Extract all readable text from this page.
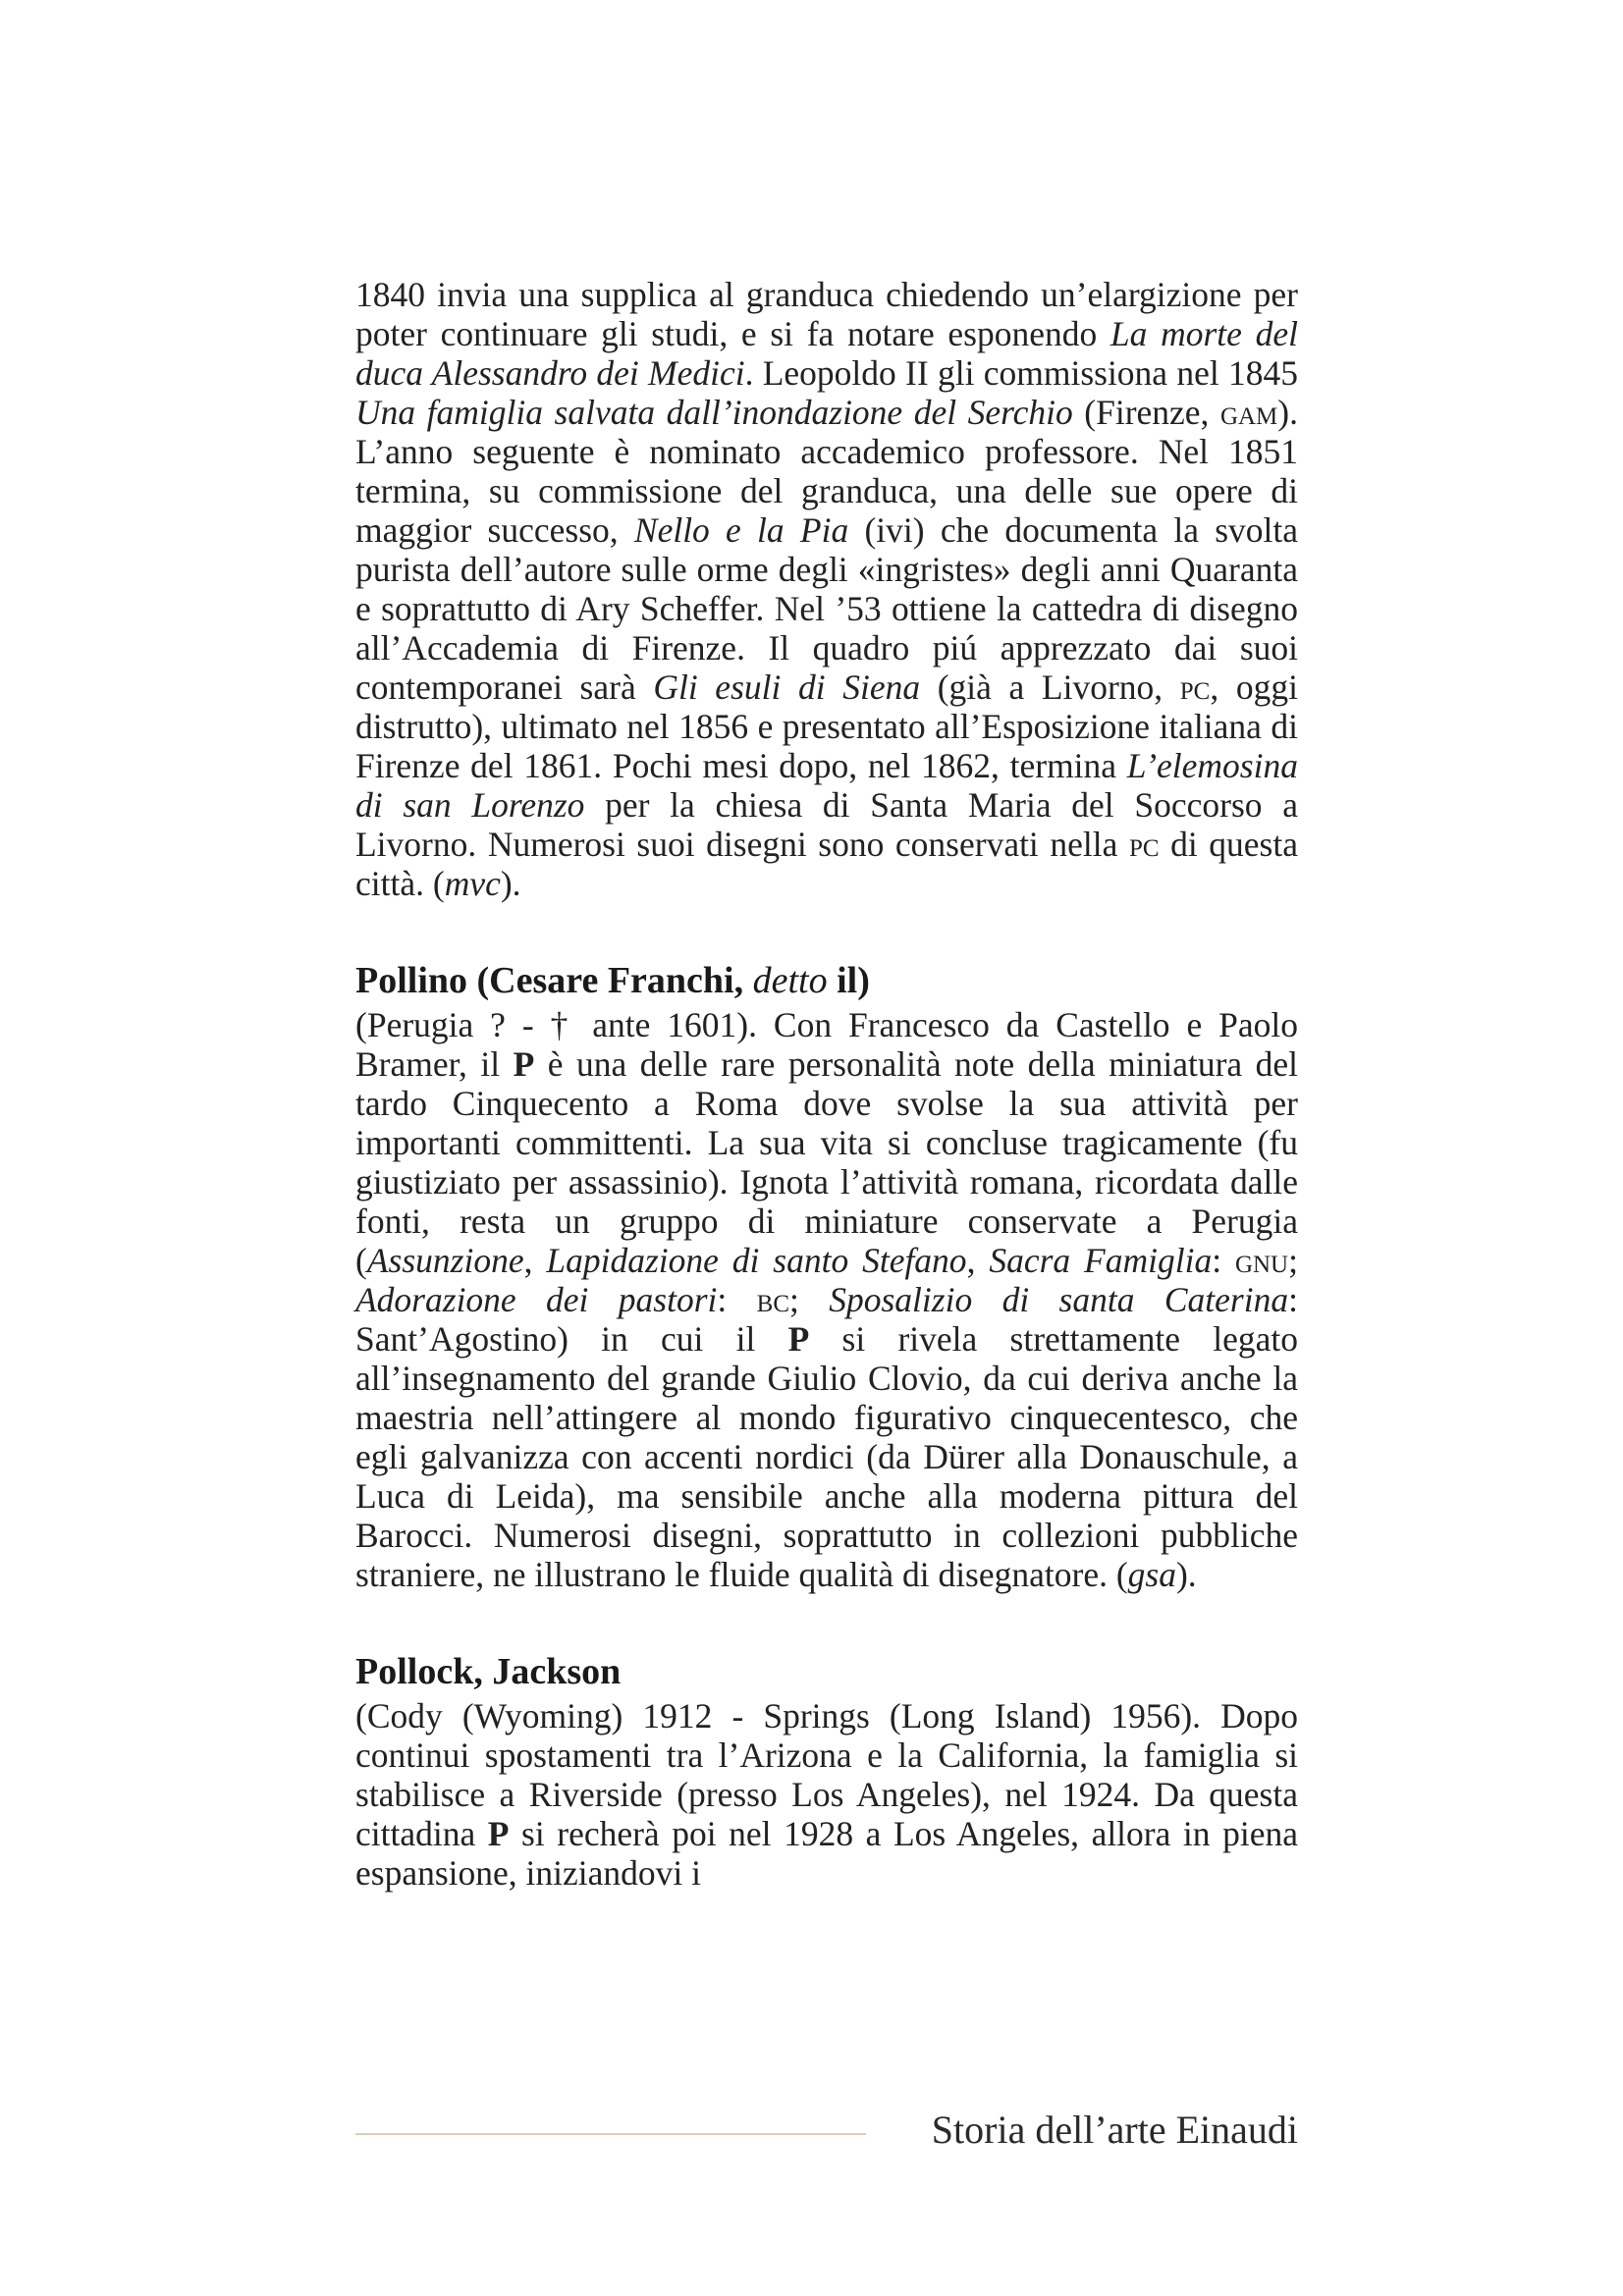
1840 invia una supplica al granduca chiedendo un’elargizione per poter continuare gli studi, e si fa notare esponendo La morte del duca Alessandro dei Medici. Leopoldo II gli commissiona nel 1845 Una famiglia salvata dall’inondazione del Serchio (Firenze, gam). L’anno seguente è nominato accademico professore. Nel 1851 termina, su commissione del granduca, una delle sue opere di maggior successo, Nello e la Pia (ivi) che documenta la svolta purista dell’autore sulle orme degli «ingristes» degli anni Quaranta e soprattutto di Ary Scheffer. Nel ’53 ottiene la cattedra di disegno all’Accademia di Firenze. Il quadro piú apprezzato dai suoi contemporanei sarà Gli esuli di Siena (già a Livorno, pc, oggi distrutto), ultimato nel 1856 e presentato all’Esposizione italiana di Firenze del 1861. Pochi mesi dopo, nel 1862, termina L’elemosina di san Lorenzo per la chiesa di Santa Maria del Soccorso a Livorno. Numerosi suoi disegni sono conservati nella pc di questa città. (mvc).

Pollino (Cesare Franchi, detto il)

(Perugia ? - † ante 1601). Con Francesco da Castello e Paolo Bramer, il P è una delle rare personalità note della miniatura del tardo Cinquecento a Roma dove svolse la sua attività per importanti committenti. La sua vita si concluse tragicamente (fu giustiziato per assassinio). Ignota l’attività romana, ricordata dalle fonti, resta un gruppo di miniature conservate a Perugia (Assunzione, Lapidazione di santo Stefano, Sacra Famiglia: gnu; Adorazione dei pastori: bc; Sposalizio di santa Caterina: Sant’Agostino) in cui il P si rivela strettamente legato all’insegnamento del grande Giulio Clovio, da cui deriva anche la maestria nell’attingere al mondo figurativo cinquecentesco, che egli galvanizza con accenti nordici (da Dürer alla Donauschule, a Luca di Leida), ma sensibile anche alla moderna pittura del Barocci. Numerosi disegni, soprattutto in collezioni pubbliche straniere, ne illustrano le fluide qualità di disegnatore. (gsa).

Pollock, Jackson

(Cody (Wyoming) 1912 - Springs (Long Island) 1956). Dopo continui spostamenti tra l’Arizona e la California, la famiglia si stabilisce a Riverside (presso Los Angeles), nel 1924. Da questa cittadina P si recherà poi nel 1928 a Los Angeles, allora in piena espansione, iniziandovi i

Storia dell’arte Einaudi
